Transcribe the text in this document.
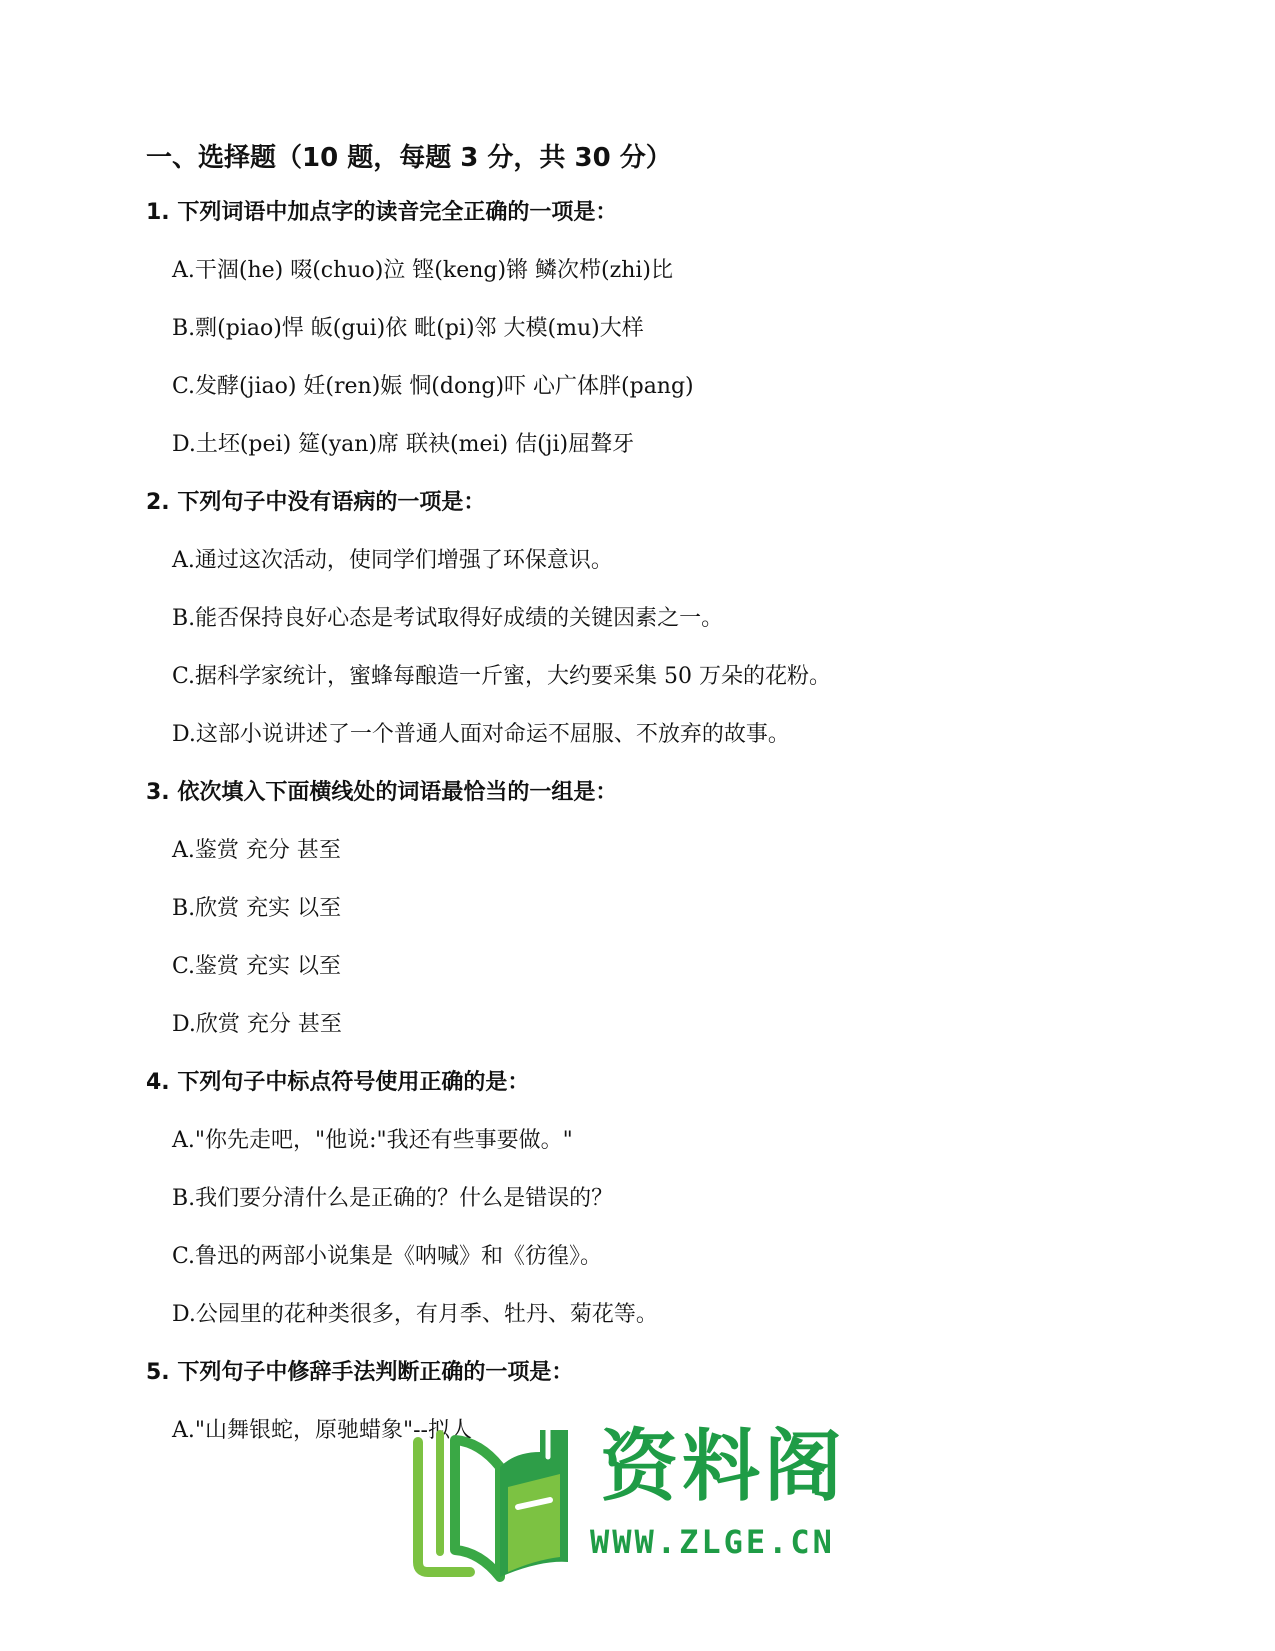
一、选择题（10 题，每题 3 分，共 30 分）
1. 下列词语中加点字的读音完全正确的一项是：
A.干涸(he) 啜(chuo)泣 铿(keng)锵 鳞次栉(zhi)比
B.剽(piao)悍 皈(gui)依 毗(pi)邻 大模(mu)大样
C.发酵(jiao) 妊(ren)娠 恫(dong)吓 心广体胖(pang)
D.土坯(pei) 筵(yan)席 联袂(mei) 佶(ji)屈聱牙
2. 下列句子中没有语病的一项是：
A.通过这次活动，使同学们增强了环保意识。
B.能否保持良好心态是考试取得好成绩的关键因素之一。
C.据科学家统计，蜜蜂每酿造一斤蜜，大约要采集 50 万朵的花粉。
D.这部小说讲述了一个普通人面对命运不屈服、不放弃的故事。
3. 依次填入下面横线处的词语最恰当的一组是：
A.鉴赏 充分 甚至
B.欣赏 充实 以至
C.鉴赏 充实 以至
D.欣赏 充分 甚至
4. 下列句子中标点符号使用正确的是：
A."你先走吧，"他说:"我还有些事要做。"
B.我们要分清什么是正确的？什么是错误的？
C.鲁迅的两部小说集是《呐喊》和《彷徨》。
D.公园里的花种类很多，有月季、牡丹、菊花等。
5. 下列句子中修辞手法判断正确的一项是：
A."山舞银蛇，原驰蜡象"--拟人	资料阁
WWW.ZLGE.CN
